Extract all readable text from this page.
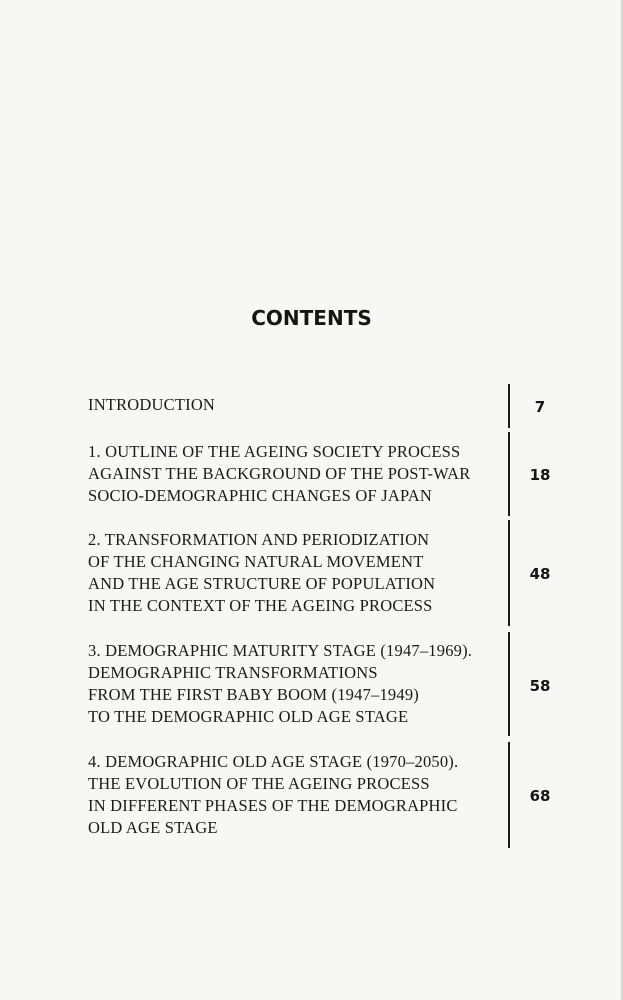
CONTENTS
INTRODUCTION	7
1. OUTLINE OF THE AGEING SOCIETY PROCESS
AGAINST THE BACKGROUND OF THE POST-WAR
SOCIO-DEMOGRAPHIC CHANGES OF JAPAN
18
2. TRANSFORMATION AND PERIODIZATION
OF THE CHANGING NATURAL MOVEMENT
AND THE AGE STRUCTURE OF POPULATION
IN THE CONTEXT OF THE AGEING PROCESS
48
3. DEMOGRAPHIC MATURITY STAGE (1947–1969).
DEMOGRAPHIC TRANSFORMATIONS
FROM THE FIRST BABY BOOM (1947–1949)
TO THE DEMOGRAPHIC OLD AGE STAGE
58
4. DEMOGRAPHIC OLD AGE STAGE (1970–2050).
THE EVOLUTION OF THE AGEING PROCESS
IN DIFFERENT PHASES OF THE DEMOGRAPHIC
OLD AGE STAGE
68
